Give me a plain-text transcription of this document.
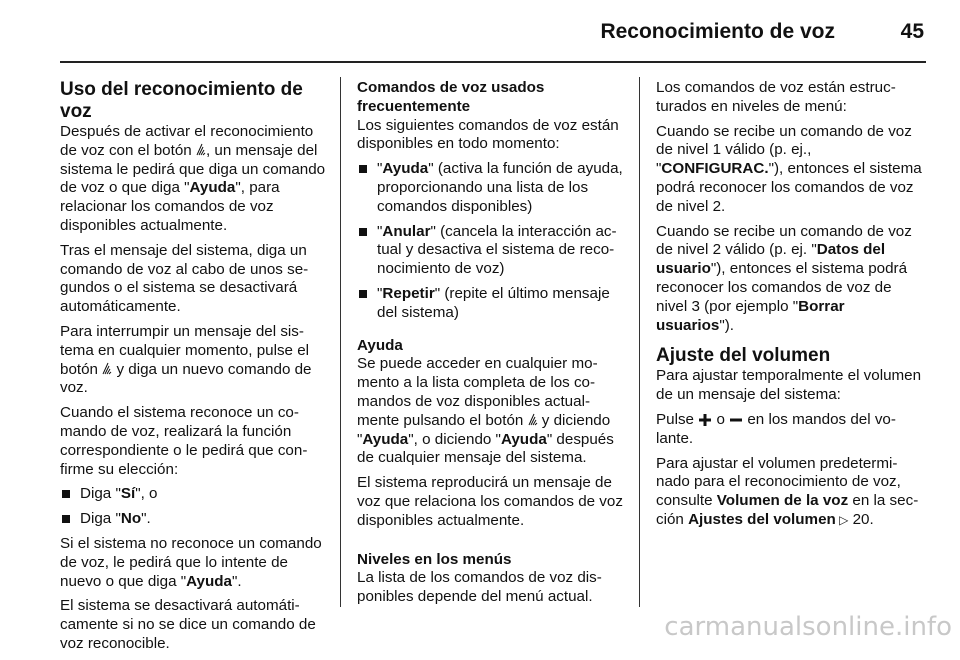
Reconocimiento de voz	45
Uso del reconocimiento de voz

Después de activar el reconocimiento de voz con el botón , un mensaje del sistema le pedirá que diga un comando de voz o que diga "Ayuda", para relacionar los comandos de voz disponibles actualmente.

Tras el mensaje del sistema, diga un comando de voz al cabo de unos segundos o el sistema se desactivará automáticamente.

Para interrumpir un mensaje del sistema en cualquier momento, pulse el botón  y diga un nuevo comando de voz.

Cuando el sistema reconoce un comando de voz, realizará la función correspondiente o le pedirá que confirme su elección:

Diga "Sí", o
Diga "No".

Si el sistema no reconoce un comando de voz, le pedirá que lo intente de nuevo o que diga "Ayuda".

El sistema se desactivará automáticamente si no se dice un comando de voz reconocible.

Comandos de voz usados frecuentemente

Los siguientes comandos de voz están disponibles en todo momento:

"Ayuda" (activa la función de ayuda, proporcionando una lista de los comandos disponibles)
"Anular" (cancela la interacción actual y desactiva el sistema de reconocimiento de voz)
"Repetir" (repite el último mensaje del sistema)
Ayuda

Se puede acceder en cualquier momento a la lista completa de los comandos de voz disponibles actualmente pulsando el botón  y diciendo "Ayuda", o diciendo "Ayuda" después de cualquier mensaje del sistema.

El sistema reproducirá un mensaje de voz que relaciona los comandos de voz disponibles actualmente.

Niveles en los menús

La lista de los comandos de voz disponibles depende del menú actual.

Los comandos de voz están estructurados en niveles de menú:

Cuando se recibe un comando de voz de nivel 1 válido (p. ej., "CONFIGURAC."), entonces el sistema podrá reconocer los comandos de voz de nivel 2.

Cuando se recibe un comando de voz de nivel 2 válido (p. ej. "Datos del usuario"), entonces el sistema podrá reconocer los comandos de voz de nivel 3 (por ejemplo "Borrar usuarios").

Ajuste del volumen

Para ajustar temporalmente el volumen de un mensaje del sistema:

Pulse  o  en los mandos del volante.

Para ajustar el volumen predeterminado para el reconocimiento de voz, consulte Volumen de la voz en la sección Ajustes del volumen ▷ 20.

carmanualsonline.info
